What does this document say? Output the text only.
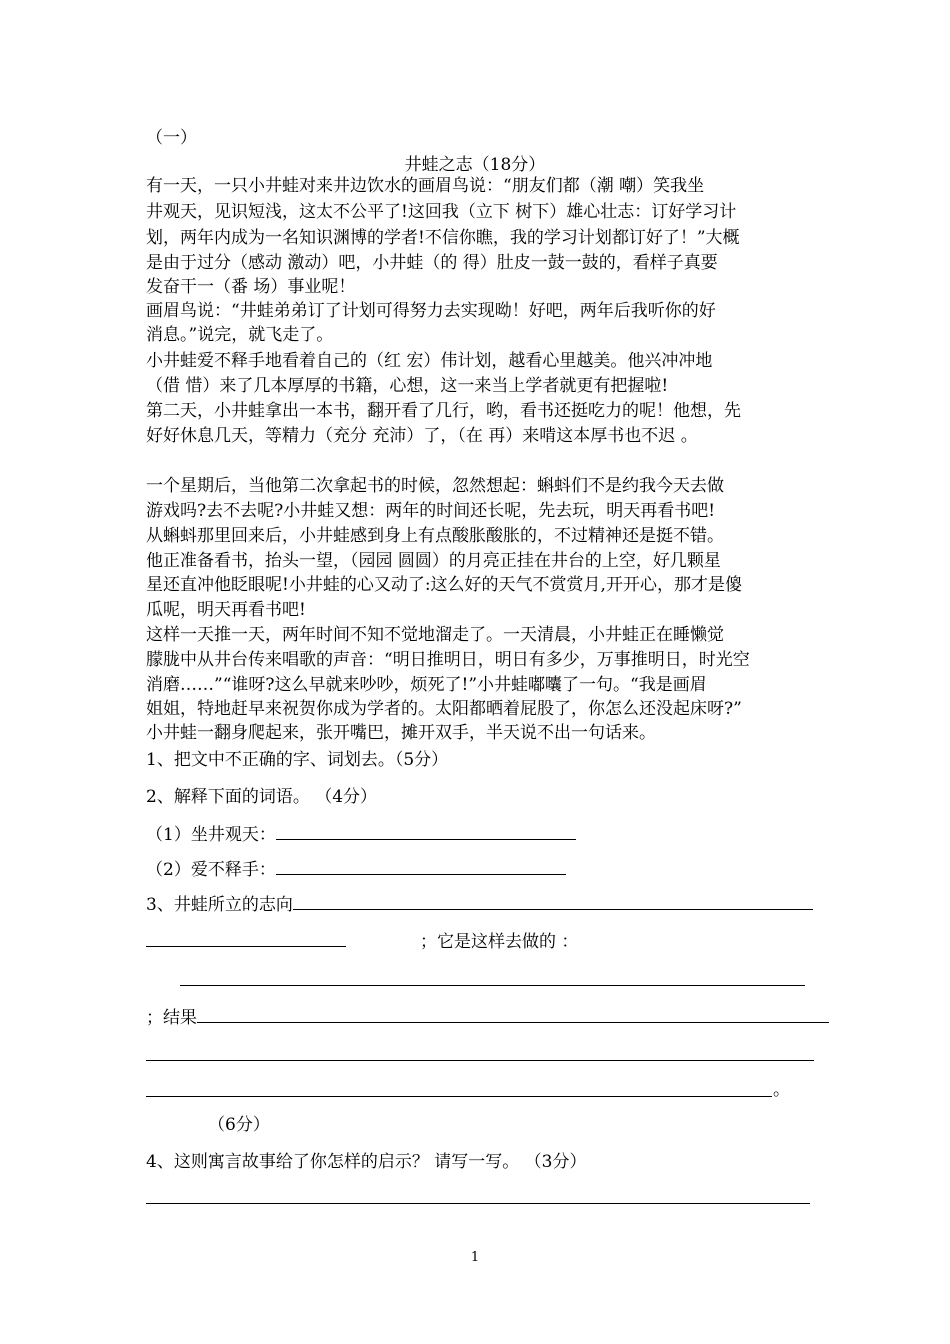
（一）
井蛙之志（18分）
有一天，一只小井蛙对来井边饮水的画眉鸟说：“朋友们都（潮 嘲）笑我坐
井观天，见识短浅，这太不公平了!这回我（立下 树下）雄心壮志：订好学习计
划，两年内成为一名知识渊博的学者!不信你瞧，我的学习计划都订好了！”大概
是由于过分（感动 激动）吧，小井蛙（的 得）肚皮一鼓一鼓的，看样子真要
发奋干一（番 场）事业呢！
画眉鸟说：“井蛙弟弟订了计划可得努力去实现呦！好吧，两年后我听你的好
消息。”说完，就飞走了。
小井蛙爱不释手地看着自己的（红 宏）伟计划，越看心里越美。他兴冲冲地
（借 惜）来了几本厚厚的书籍，心想，这一来当上学者就更有把握啦!
第二天，小井蛙拿出一本书，翻开看了几行，哟，看书还挺吃力的呢！他想，先
好好休息几天，等精力（充分 充沛）了，（在 再）来啃这本厚书也不迟 。
一个星期后，当他第二次拿起书的时候，忽然想起：蝌蚪们不是约我今天去做
游戏吗?去不去呢?小井蛙又想：两年的时间还长呢，先去玩，明天再看书吧!
从蝌蚪那里回来后，小井蛙感到身上有点酸胀酸胀的，不过精神还是挺不错。
他正准备看书，抬头一望，（园园 圆圆）的月亮正挂在井台的上空，好几颗星
星还直冲他眨眼呢!小井蛙的心又动了:这么好的天气不赏赏月,开开心，那才是傻
瓜呢，明天再看书吧!
这样一天推一天，两年时间不知不觉地溜走了。一天清晨，小井蛙正在睡懒觉
朦胧中从井台传来唱歌的声音：“明日推明日，明日有多少，万事推明日，时光空
消磨……”“谁呀?这么早就来吵吵，烦死了!”小井蛙嘟囔了一句。“我是画眉
姐姐，特地赶早来祝贺你成为学者的。太阳都晒着屁股了，你怎么还没起床呀?”
小井蛙一翻身爬起来，张开嘴巴，摊开双手，半天说不出一句话来。
1、把文中不正确的字、词划去。（5分）
2、解释下面的词语。 （4分）
（1）坐井观天：
（2）爱不释手：
3、井蛙所立的志向
；它是这样去做的 ：
；结果
。
（6分）
4、这则寓言故事给了你怎样的启示？ 请写一写。 （3分）
1
